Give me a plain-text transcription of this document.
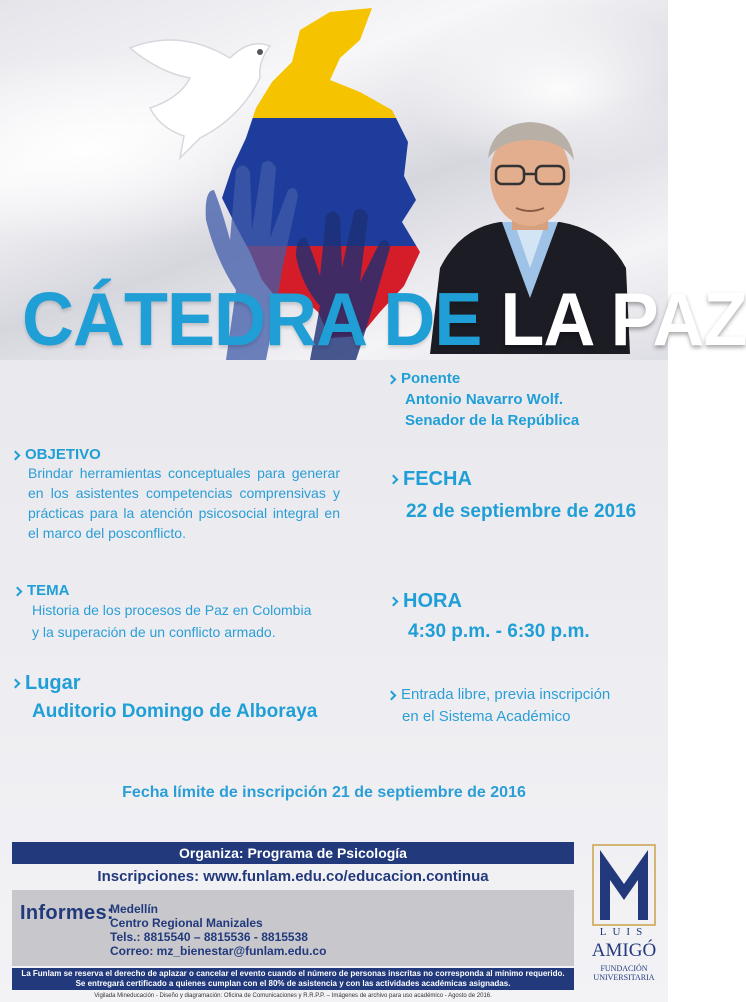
CÁTEDRA DE LA PAZ
Ponente
Antonio Navarro Wolf.
Senador de la República
OBJETIVO
Brindar herramientas conceptuales para generar en los asistentes competencias comprensivas y prácticas para la atención psicosocial integral en el marco del posconflicto.
FECHA
22 de septiembre de 2016
TEMA
Historia de los procesos de Paz en Colombia
y la superación de un conflicto armado.
HORA
4:30 p.m. - 6:30 p.m.
Lugar
Auditorio Domingo de Alboraya
Entrada libre, previa inscripción
en el Sistema Académico
Fecha límite de inscripción 21 de septiembre de 2016
Organiza: Programa de Psicología
Inscripciones: www.funlam.edu.co/educacion.continua
Informes:
Medellín
Centro Regional Manizales
Tels.: 8815540 – 8815536 - 8815538
Correo: mz_bienestar@funlam.edu.co
La Funlam se reserva el derecho de aplazar o cancelar el evento cuando el número de personas inscritas no corresponda al mínimo requerido.
Se entregará certificado a quienes cumplan con el 80% de asistencia y con las actividades académicas asignadas.
Vigilada Mineducación - Diseño y diagramación: Oficina de Comunicaciones y R.R.P.P. – Imágenes de archivo para uso académico - Agosto de 2016.
LUIS
AMIGÓ
FUNDACIÓN
UNIVERSITARIA
